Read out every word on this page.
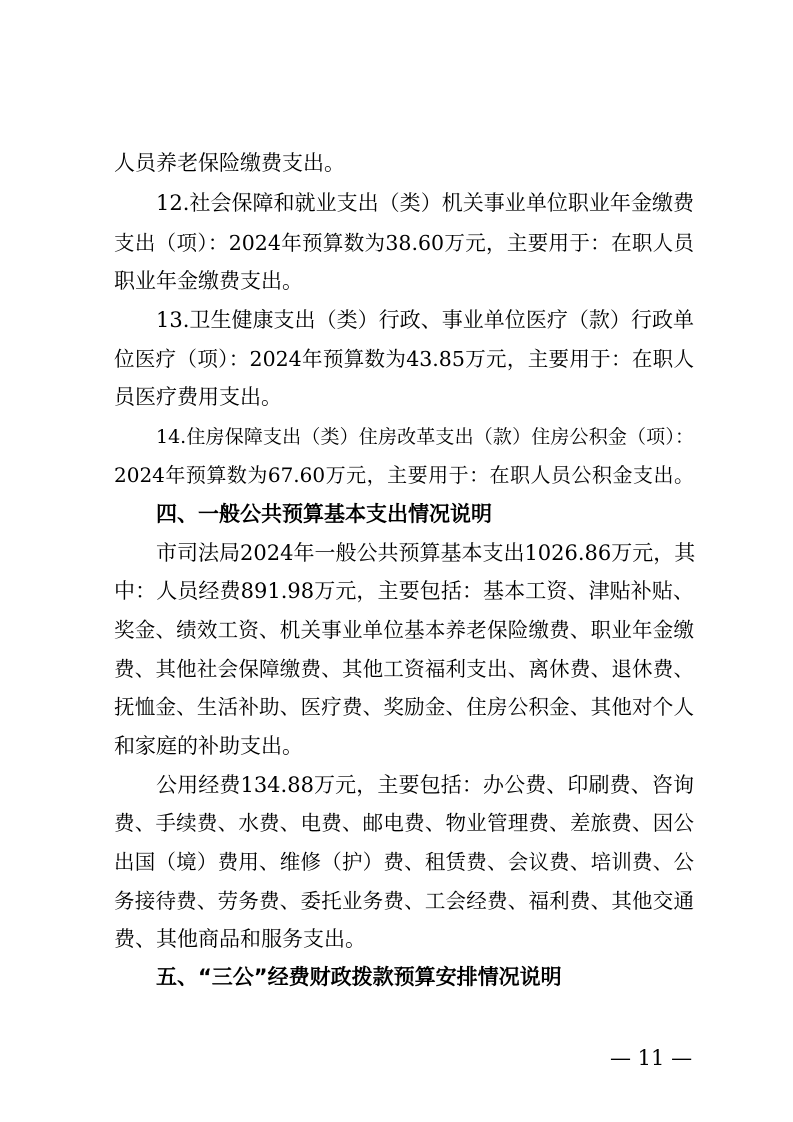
人员养老保险缴费支出。
12.社会保障和就业支出（类）机关事业单位职业年金缴费
支出（项）：2024年预算数为38.60万元，主要用于：在职人员
职业年金缴费支出。
13.卫生健康支出（类）行政、事业单位医疗（款）行政单
位医疗（项）：2024年预算数为43.85万元，主要用于：在职人
员医疗费用支出。
14.住房保障支出（类）住房改革支出（款）住房公积金（项）：
2024年预算数为67.60万元，主要用于：在职人员公积金支出。
四、一般公共预算基本支出情况说明
市司法局2024年一般公共预算基本支出1026.86万元，其
中：人员经费891.98万元，主要包括：基本工资、津贴补贴、
奖金、绩效工资、机关事业单位基本养老保险缴费、职业年金缴
费、其他社会保障缴费、其他工资福利支出、离休费、退休费、
抚恤金、生活补助、医疗费、奖励金、住房公积金、其他对个人
和家庭的补助支出。
公用经费134.88万元，主要包括：办公费、印刷费、咨询
费、手续费、水费、电费、邮电费、物业管理费、差旅费、因公
出国（境）费用、维修（护）费、租赁费、会议费、培训费、公
务接待费、劳务费、委托业务费、工会经费、福利费、其他交通
费、其他商品和服务支出。
五、“三公”经费财政拨款预算安排情况说明
— 11 —
